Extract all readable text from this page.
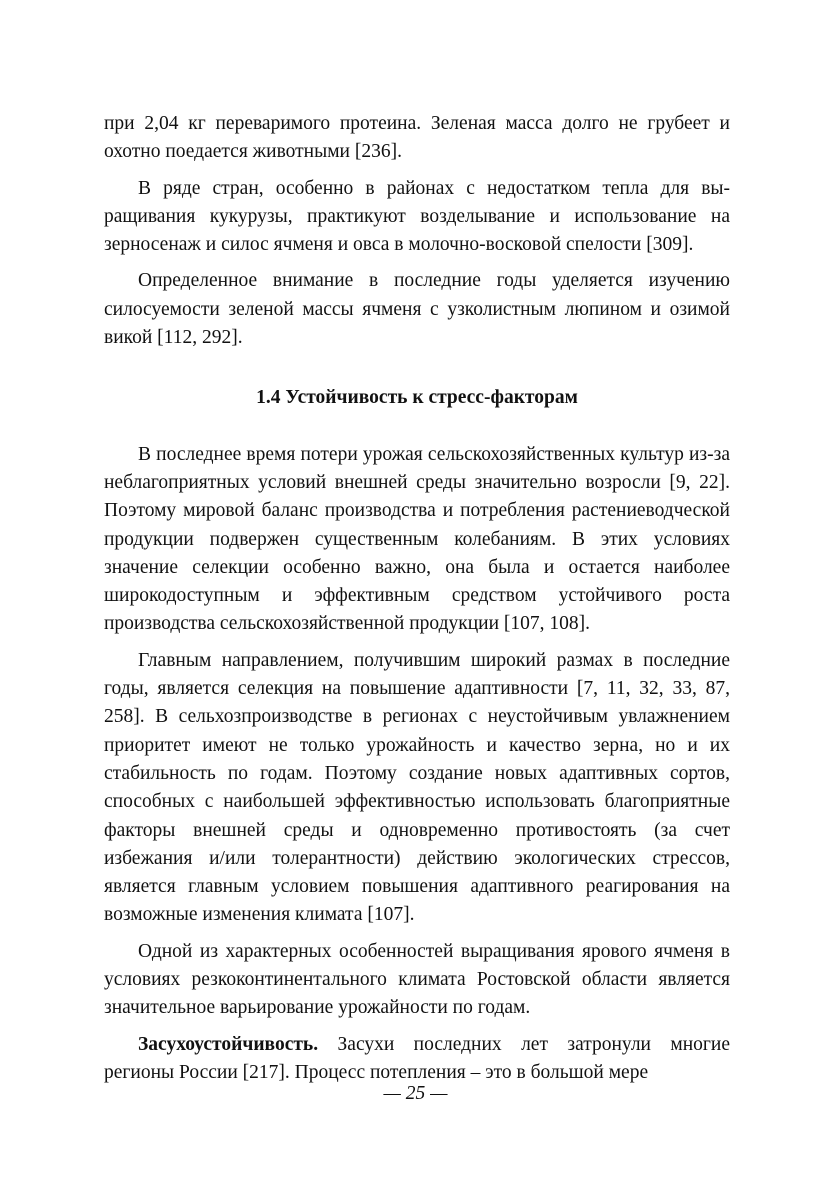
при 2,04 кг переваримого протеина. Зеленая масса долго не грубеет и охотно поедается животными [236].

В ряде стран, особенно в районах с недостатком тепла для выращивания кукурузы, практикуют возделывание и использование на зерносенаж и силос ячменя и овса в молочно-восковой спелости [309].

Определенное внимание в последние годы уделяется изучению силосуемости зеленой массы ячменя с узколистным люпином и озимой викой [112, 292].

1.4 Устойчивость к стресс-факторам

В последнее время потери урожая сельскохозяйственных культур из-за неблагоприятных условий внешней среды значительно возросли [9, 22]. Поэтому мировой баланс производства и потребления растениеводческой продукции подвержен существенным колебаниям. В этих условиях значение селекции особенно важно, она была и остается наиболее широкодоступным и эффективным средством устойчивого роста производства сельскохозяйственной продукции [107, 108].

Главным направлением, получившим широкий размах в последние годы, является селекция на повышение адаптивности [7, 11, 32, 33, 87, 258]. В сельхозпроизводстве в регионах с неустойчивым увлажнением приоритет имеют не только урожайность и качество зерна, но и их стабильность по годам. Поэтому создание новых адаптивных сортов, способных с наибольшей эффективностью использовать благоприятные факторы внешней среды и одновременно противостоять (за счет избежания и/или толерантности) действию экологических стрессов, является главным условием повышения адаптивного реагирования на возможные изменения климата [107].

Одной из характерных особенностей выращивания ярового ячменя в условиях резкоконтинентального климата Ростовской области является значительное варьирование урожайности по годам.

Засухоустойчивость. Засухи последних лет затронули многие регионы России [217]. Процесс потепления – это в большой мере

— 25 —
